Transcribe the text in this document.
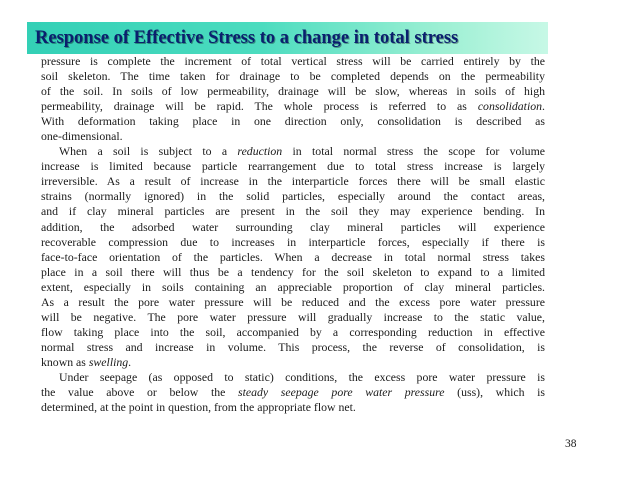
Response of Effective Stress to a change in total stress
pressure is complete the increment of total vertical stress will be carried entirely by the
soil skeleton. The time taken for drainage to be completed depends on the permeability
of the soil. In soils of low permeability, drainage will be slow, whereas in soils of high
permeability, drainage will be rapid. The whole process is referred to as consolidation.
With deformation taking place in one direction only, consolidation is described as
one-dimensional.
When a soil is subject to a reduction in total normal stress the scope for volume
increase is limited because particle rearrangement due to total stress increase is largely
irreversible. As a result of increase in the interparticle forces there will be small elastic
strains (normally ignored) in the solid particles, especially around the contact areas,
and if clay mineral particles are present in the soil they may experience bending. In
addition, the adsorbed water surrounding clay mineral particles will experience
recoverable compression due to increases in interparticle forces, especially if there is
face-to-face orientation of the particles. When a decrease in total normal stress takes
place in a soil there will thus be a tendency for the soil skeleton to expand to a limited
extent, especially in soils containing an appreciable proportion of clay mineral particles.
As a result the pore water pressure will be reduced and the excess pore water pressure
will be negative. The pore water pressure will gradually increase to the static value,
flow taking place into the soil, accompanied by a corresponding reduction in effective
normal stress and increase in volume. This process, the reverse of consolidation, is
known as swelling.
Under seepage (as opposed to static) conditions, the excess pore water pressure is
the value above or below the steady seepage pore water pressure (uss), which is
determined, at the point in question, from the appropriate flow net.
38
